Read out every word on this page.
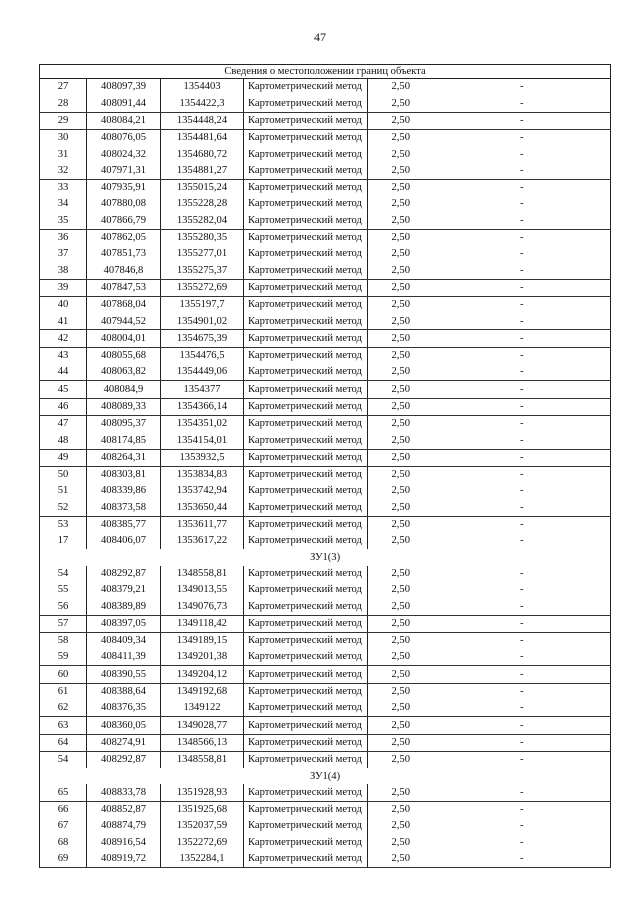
47
Сведения о местоположении границ объекта					
27	408097,39	1354403	Картометрический метод	2,50	-
28	408091,44	1354422,3	Картометрический метод	2,50	-
29	408084,21	1354448,24	Картометрический метод	2,50	-
30	408076,05	1354481,64	Картометрический метод	2,50	-
31	408024,32	1354680,72	Картометрический метод	2,50	-
32	407971,31	1354881,27	Картометрический метод	2,50	-
33	407935,91	1355015,24	Картометрический метод	2,50	-
34	407880,08	1355228,28	Картометрический метод	2,50	-
35	407866,79	1355282,04	Картометрический метод	2,50	-
36	407862,05	1355280,35	Картометрический метод	2,50	-
37	407851,73	1355277,01	Картометрический метод	2,50	-
38	407846,8	1355275,37	Картометрический метод	2,50	-
39	407847,53	1355272,69	Картометрический метод	2,50	-
40	407868,04	1355197,7	Картометрический метод	2,50	-
41	407944,52	1354901,02	Картометрический метод	2,50	-
42	408004,01	1354675,39	Картометрический метод	2,50	-
43	408055,68	1354476,5	Картометрический метод	2,50	-
44	408063,82	1354449,06	Картометрический метод	2,50	-
45	408084,9	1354377	Картометрический метод	2,50	-
46	408089,33	1354366,14	Картометрический метод	2,50	-
47	408095,37	1354351,02	Картометрический метод	2,50	-
48	408174,85	1354154,01	Картометрический метод	2,50	-
49	408264,31	1353932,5	Картометрический метод	2,50	-
50	408303,81	1353834,83	Картометрический метод	2,50	-
51	408339,86	1353742,94	Картометрический метод	2,50	-
52	408373,58	1353650,44	Картометрический метод	2,50	-
53	408385,77	1353611,77	Картометрический метод	2,50	-
17	408406,07	1353617,22	Картометрический метод	2,50	-
ЗУ1(3)					
54	408292,87	1348558,81	Картометрический метод	2,50	-
55	408379,21	1349013,55	Картометрический метод	2,50	-
56	408389,89	1349076,73	Картометрический метод	2,50	-
57	408397,05	1349118,42	Картометрический метод	2,50	-
58	408409,34	1349189,15	Картометрический метод	2,50	-
59	408411,39	1349201,38	Картометрический метод	2,50	-
60	408390,55	1349204,12	Картометрический метод	2,50	-
61	408388,64	1349192,68	Картометрический метод	2,50	-
62	408376,35	1349122	Картометрический метод	2,50	-
63	408360,05	1349028,77	Картометрический метод	2,50	-
64	408274,91	1348566,13	Картометрический метод	2,50	-
54	408292,87	1348558,81	Картометрический метод	2,50	-
ЗУ1(4)					
65	408833,78	1351928,93	Картометрический метод	2,50	-
66	408852,87	1351925,68	Картометрический метод	2,50	-
67	408874,79	1352037,59	Картометрический метод	2,50	-
68	408916,54	1352272,69	Картометрический метод	2,50	-
69	408919,72	1352284,1	Картометрический метод	2,50	-
